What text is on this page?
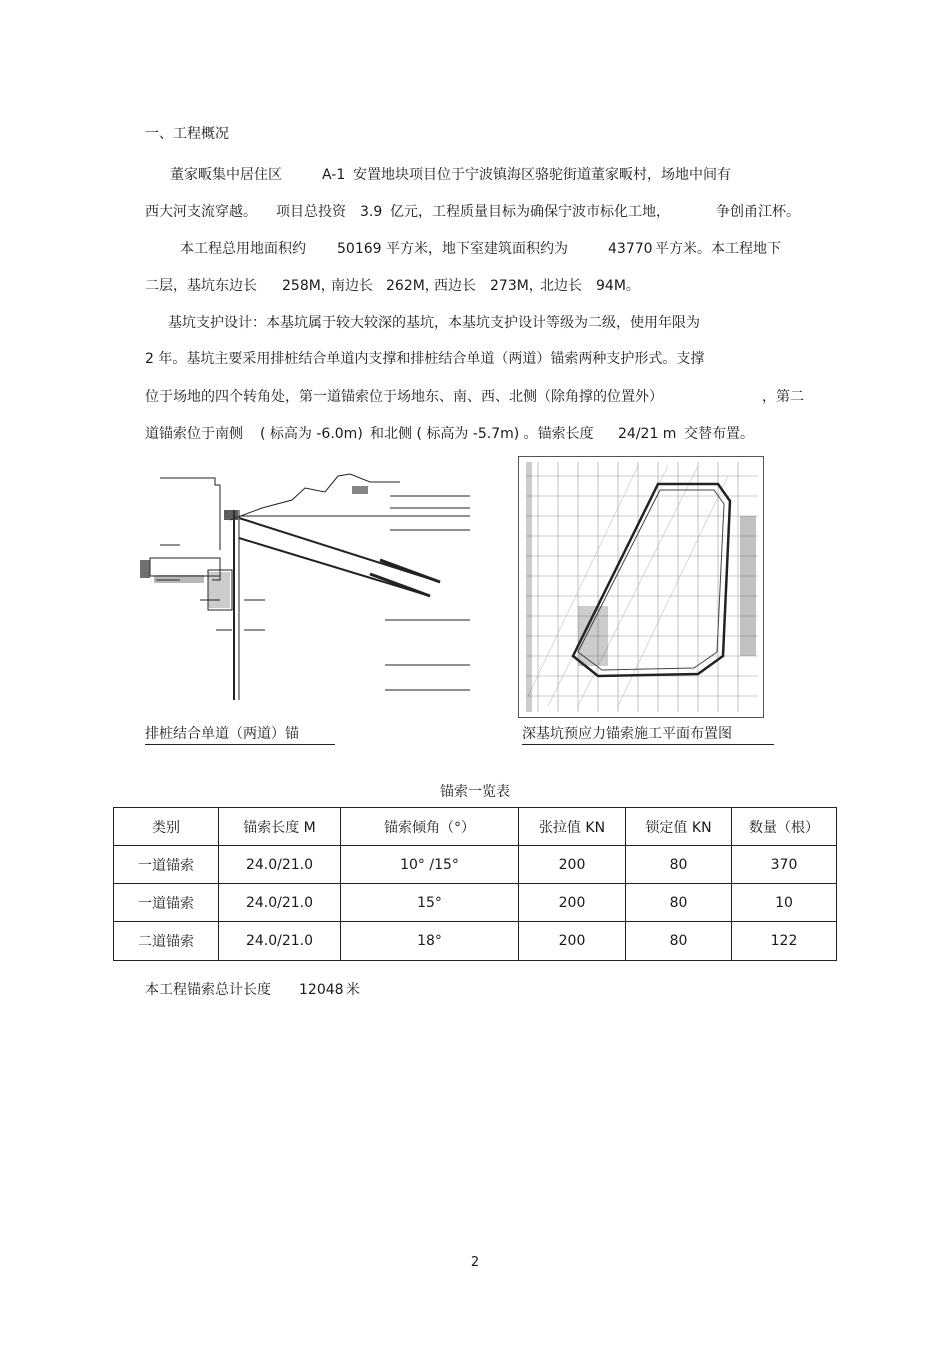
一、工程概况
董家畈集中居住区	A-1 安置地块项目位于宁波镇海区骆驼街道董家畈村，场地中间有
西大河支流穿越。 项目总投资 3.9 亿元，工程质量目标为确保宁波市标化工地，	争创甬江杯。
本工程总用地面积约 50169 平方米，地下室建筑面积约为	43770 平方米。本工程地下
二层，基坑东边长 258M，
南边长 262M，
西边长 273M，
北边长 94M。
基坑支护设计：本基坑属于较大较深的基坑，本基坑支护设计等级为二级，使用年限为
2 年。基坑主要采用排桩结合单道内支撑和排桩结合单道（两道）锚索两种支护形式。支撑
位于场地的四个转角处，第一道锚索位于场地东、南、西、北侧（除角撑的位置外）	，第二
道锚索位于南侧 ( 标高为 -6.0m) 和北侧 ( 标高为 -5.7m) 。锚索长度 24/21 m 交替布置。
排桩结合单道（两道）锚	深基坑预应力锚索施工平面布置图
锚索一览表
类别	锚索长度 M	锚索倾角（°）	张拉值 KN	锁定值 KN	数量（根）
一道锚索	24.0/21.0	10° /15°	200	80	370
一道锚索	24.0/21.0	15°	200	80	10
二道锚索	24.0/21.0	18°	200	80	122
本工程锚索总计长度 12048 米
2
